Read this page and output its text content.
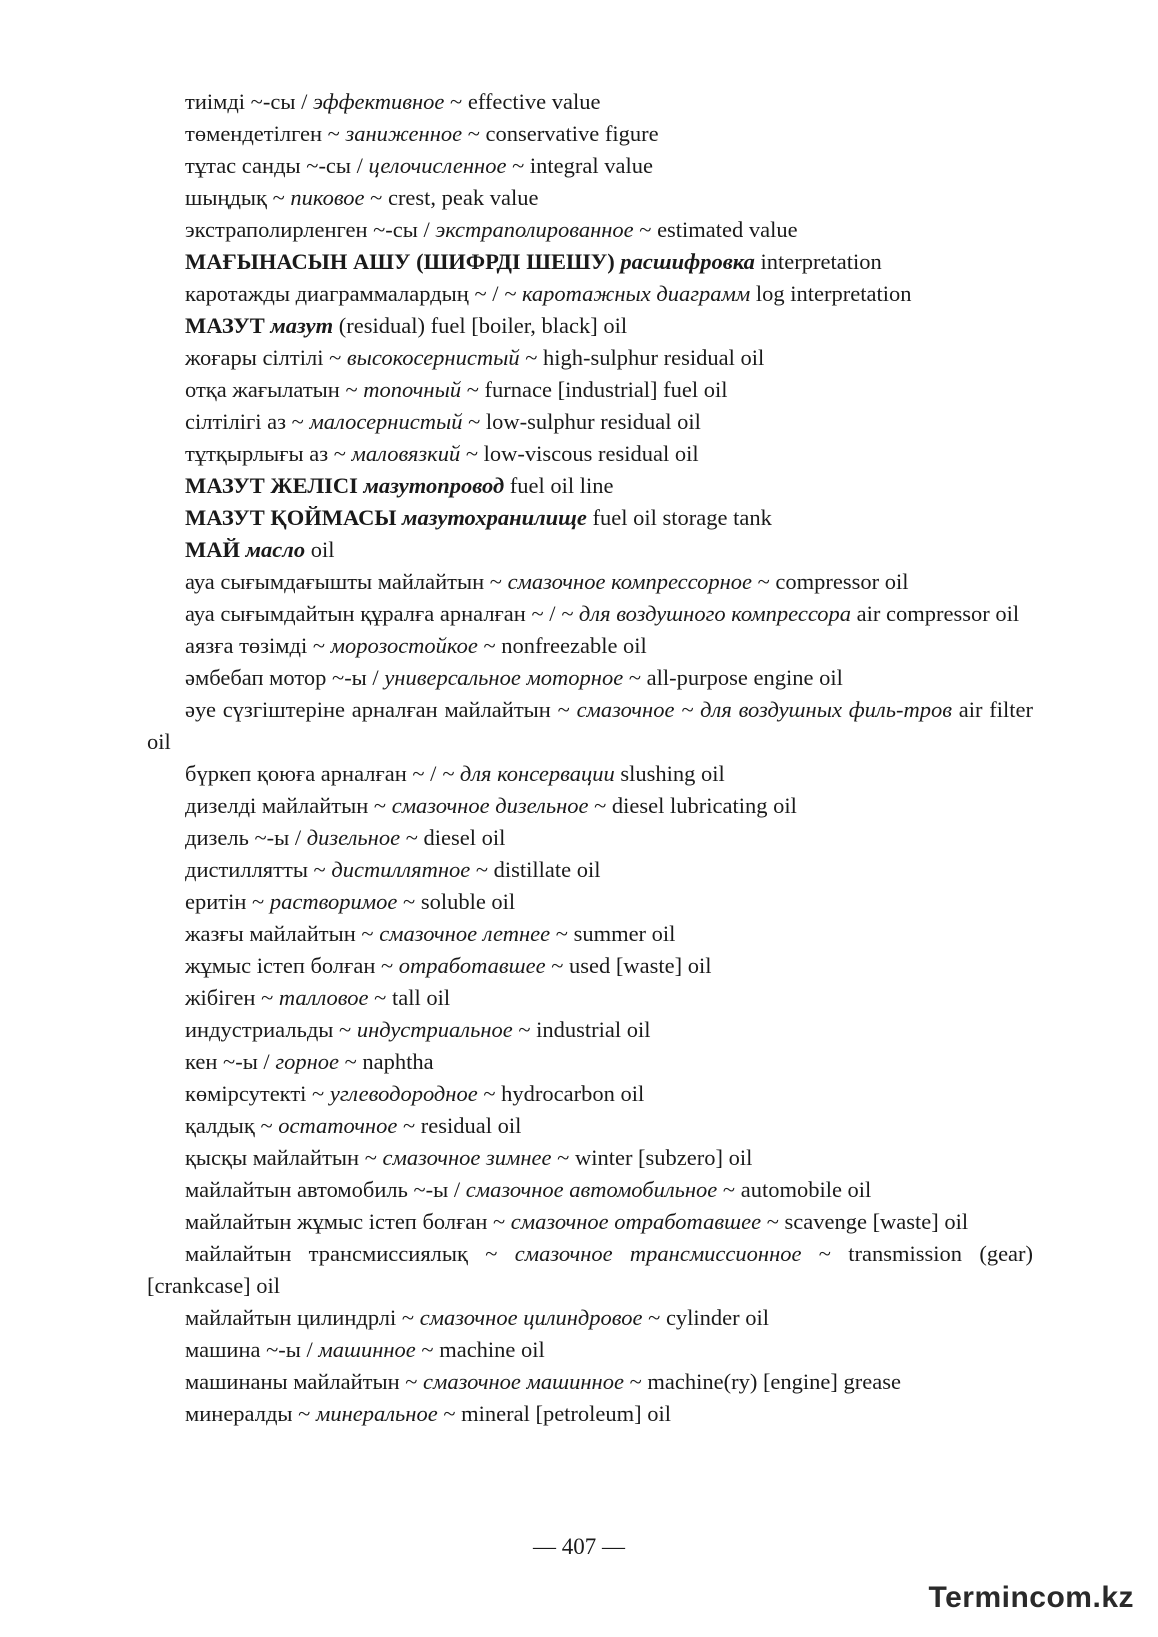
тиімді ~-сы / эффективное ~ effective value
төмендетілген ~ заниженное ~ conservative figure
тұтас санды ~-сы / целочисленное ~ integral value
шыңдық ~ пиковое ~ crest, peak value
экстраполирленген ~-сы / экстраполированное ~ estimated value
МАҒЫНАСЫН АШУ (ШИФРДІ ШЕШУ) расшифровка interpretation
каротажды диаграммалардың ~ / ~ каротажных диаграмм log interpretation
МАЗУТ мазут (residual) fuel [boiler, black] oil
жоғары сілтілі ~ высокосернистый ~ high-sulphur residual oil
отқа жағылатын ~ топочный ~ furnace [industrial] fuel oil
сілтілігі аз ~ малосернистый ~ low-sulphur residual oil
тұтқырлығы аз ~ маловязкий ~ low-viscous residual oil
МАЗУТ ЖЕЛІСІ мазутопровод fuel oil line
МАЗУТ ҚОЙМАСЫ мазутохранилище fuel oil storage tank
МАЙ масло oil
ауа сығымдағышты майлайтын ~ смазочное компрессорное ~ compressor oil
ауа сығымдайтын құралға арналған ~ / ~ для воздушного компрессора air compressor oil
аязға төзімді ~ морозостойкое ~ nonfreezable oil
әмбебап мотор ~-ы / универсальное моторное ~ all-purpose engine oil
әуе сүзгіштеріне арналған майлайтын ~ смазочное ~ для воздушных филь-тров air filter oil
бүркеп қоюға арналған ~ / ~ для консервации slushing oil
дизелді майлайтын ~ смазочное дизельное ~ diesel lubricating oil
дизель ~-ы / дизельное ~ diesel oil
дистиллятты ~ дистиллятное ~ distillate oil
еритін ~ растворимое ~ soluble oil
жазғы майлайтын ~ смазочное летнее ~ summer oil
жұмыс істеп болған ~ отработавшее ~ used [waste] oil
жібіген ~ талловое ~ tall oil
индустриальды ~ индустриальное ~ industrial oil
кен ~-ы / горное ~ naphtha
көмірсутекті ~ углеводородное ~ hydrocarbon oil
қалдық ~ остаточное ~ residual oil
қысқы майлайтын ~ смазочное зимнее ~ winter [subzero] oil
майлайтын автомобиль ~-ы / смазочное автомобильное ~ automobile oil
майлайтын жұмыс істеп болған ~ смазочное отработавшее ~ scavenge [waste] oil
майлайтын трансмиссиялық ~ смазочное трансмиссионное ~ transmission (gear) [crankcase] oil
майлайтын цилиндрлі ~ смазочное цилиндровое ~ cylinder oil
машина ~-ы / машинное ~ machine oil
машинаны майлайтын ~ смазочное машинное ~ machine(ry) [engine] grease
минералды ~ минеральное ~ mineral [petroleum] oil
— 407 —
Termincom.kz
